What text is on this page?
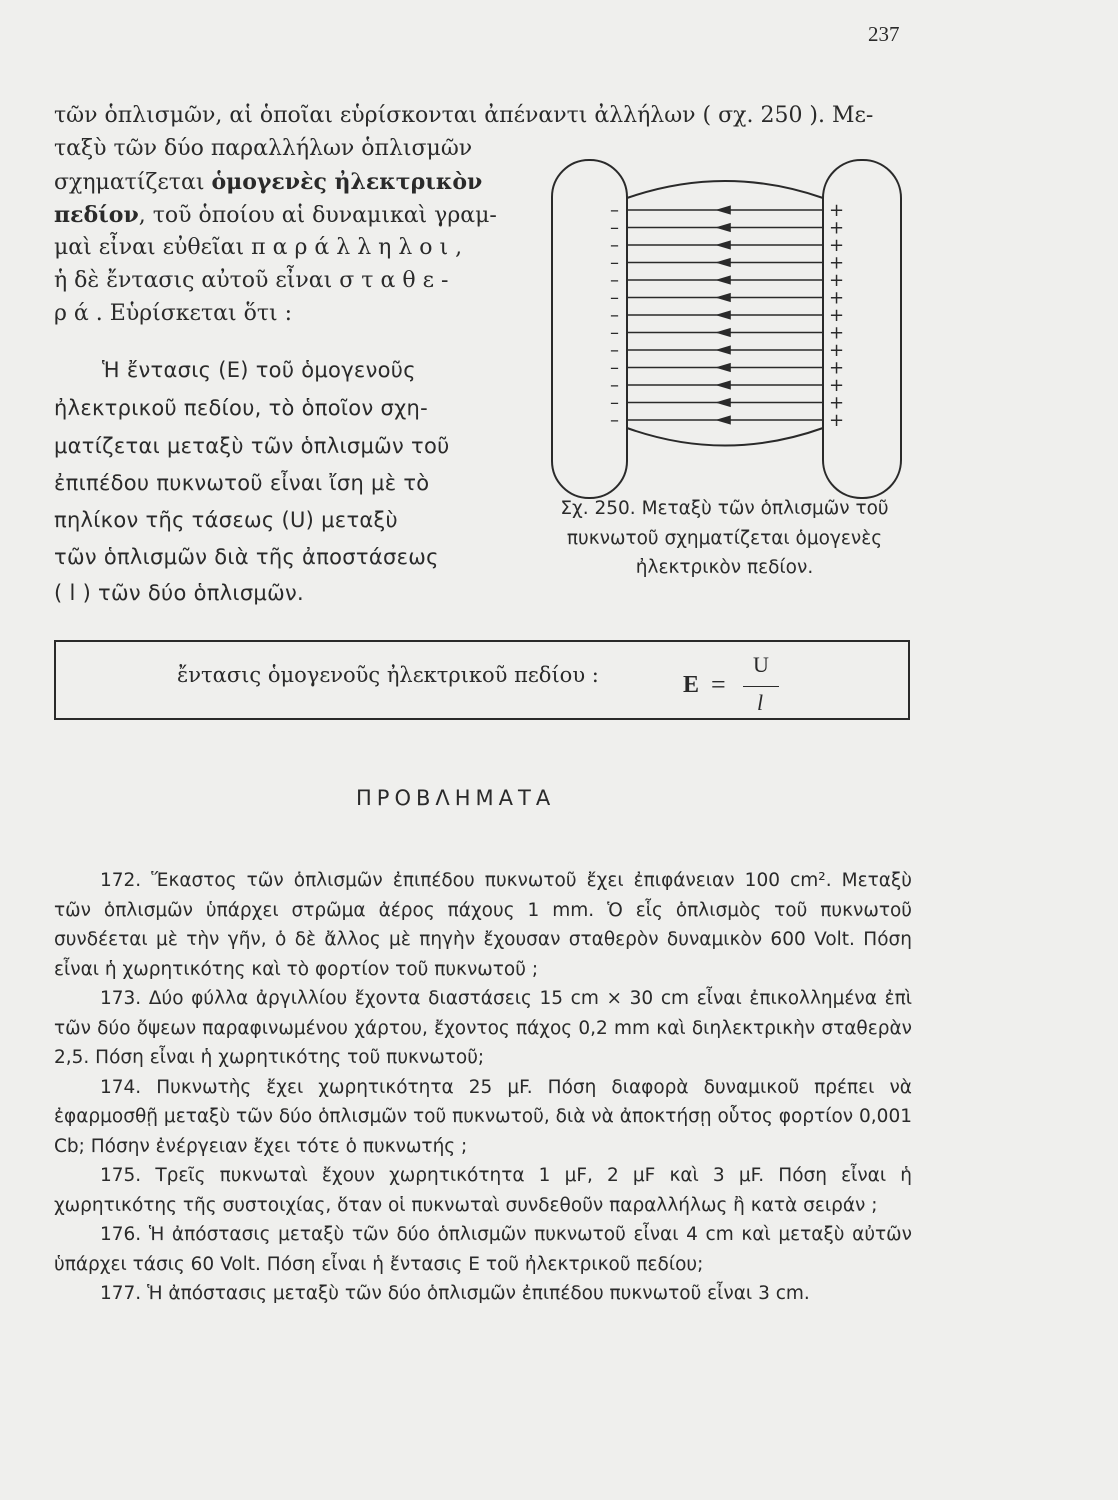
237
τῶν ὁπλισμῶν, αἱ ὁποῖαι εὑρίσκονται ἀπέναντι ἀλλήλων ( σχ. 250 ). Με-
ταξὺ τῶν δύο παραλλήλων ὁπλισμῶν
σχηματίζεται ὁμογενὲς ἠλεκτρικὸν
πεδίον, τοῦ ὁποίου αἱ δυναμικαὶ γραμ-
μαὶ εἶναι εὐθεῖαι παράλληλοι,
ἡ δὲ ἔντασις αὐτοῦ εἶναι σταθε-
ρά. Εὑρίσκεται ὅτι :
Ἡ ἔντασις (Ε) τοῦ ὁμογενοῦς
ἠλεκτρικοῦ πεδίου, τὸ ὁποῖον σχη-
ματίζεται μεταξὺ τῶν ὁπλισμῶν τοῦ
ἐπιπέδου πυκνωτοῦ εἶναι ἴση μὲ τὸ
πηλίκον τῆς τάσεως (U) μεταξὺ
τῶν ὁπλισμῶν διὰ τῆς ἀποστάσεως
( l ) τῶν δύο ὁπλισμῶν.
–
–
–
–
–
–
–
–
–
–
–
–
–
+
+
+
+
+
+
+
+
+
+
+
+
+
Σχ. 250. Μεταξὺ τῶν ὁπλισμῶν τοῦ
πυκνωτοῦ σχηματίζεται ὁμογενὲς
ἠλεκτρικὸν πεδίον.
ἔντασις ὁμογενοῦς ἠλεκτρικοῦ πεδίου :	E =
U
l
ΠΡΟΒΛΗΜΑΤΑ

172. Ἕκαστος τῶν ὁπλισμῶν ἐπιπέδου πυκνωτοῦ ἔχει ἐπιφάνειαν 100 cm². Μεταξὺ τῶν ὁπλισμῶν ὑπάρχει στρῶμα ἀέρος πάχους 1 mm. Ὁ εἷς ὁπλισμὸς τοῦ πυκνωτοῦ συνδέεται μὲ τὴν γῆν, ὁ δὲ ἄλλος μὲ πηγὴν ἔχουσαν σταθερὸν δυναμικὸν 600 Volt. Πόση εἶναι ἡ χωρητικότης καὶ τὸ φορτίον τοῦ πυκνωτοῦ ;

173. Δύο φύλλα ἀργιλλίου ἔχοντα διαστάσεις 15 cm × 30 cm εἶναι ἐπικολλημένα ἐπὶ τῶν δύο ὄψεων παραφινωμένου χάρτου, ἔχοντος πάχος 0,2 mm καὶ διηλεκτρικὴν σταθερὰν 2,5. Πόση εἶναι ἡ χωρητικότης τοῦ πυκνωτοῦ;

174. Πυκνωτὴς ἔχει χωρητικότητα 25 μF. Πόση διαφορὰ δυναμικοῦ πρέπει νὰ ἐφαρμοσθῇ μεταξὺ τῶν δύο ὁπλισμῶν τοῦ πυκνωτοῦ, διὰ νὰ ἀποκτήσῃ οὗτος φορτίον 0,001 Cb; Πόσην ἐνέργειαν ἔχει τότε ὁ πυκνωτής ;

175. Τρεῖς πυκνωταὶ ἔχουν χωρητικότητα 1 μF, 2 μF καὶ 3 μF. Πόση εἶναι ἡ χωρητικότης τῆς συστοιχίας, ὅταν οἱ πυκνωταὶ συνδεθοῦν παραλλήλως ἢ κατὰ σειράν ;

176. Ἡ ἀπόστασις μεταξὺ τῶν δύο ὁπλισμῶν πυκνωτοῦ εἶναι 4 cm καὶ μεταξὺ αὐτῶν ὑπάρχει τάσις 60 Volt. Πόση εἶναι ἡ ἔντασις Ε τοῦ ἠλεκτρικοῦ πεδίου;

177. Ἡ ἀπόστασις μεταξὺ τῶν δύο ὁπλισμῶν ἐπιπέδου πυκνωτοῦ εἶναι 3 cm.
